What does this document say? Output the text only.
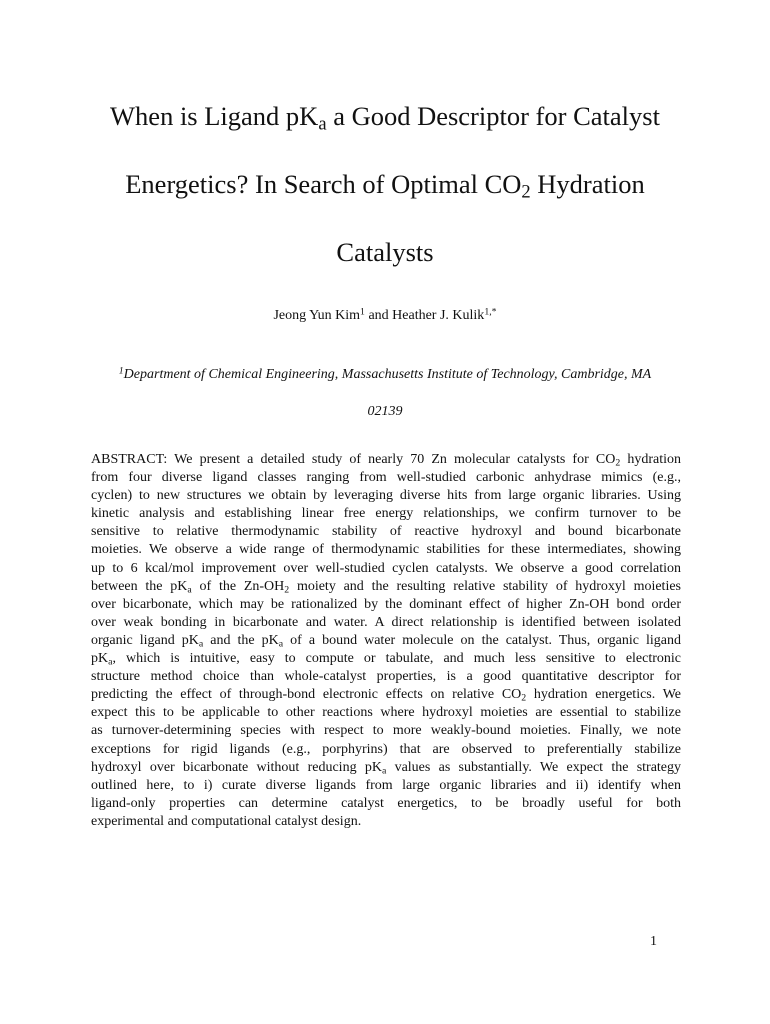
When is Ligand $pK_a$ a Good Descriptor for Catalyst
Energetics? In Search of Optimal $CO_2$ Hydration
Catalysts
Jeong Yun Kim$^1$ and Heather J. Kulik$^{1,*}$
$^1$Department of Chemical Engineering, Massachusetts Institute of Technology, Cambridge, MA
02139
ABSTRACT: We present a detailed study of nearly 70 Zn molecular catalysts for $CO_2$ hydration
from four diverse ligand classes ranging from well-studied carbonic anhydrase mimics (e.g.,
cyclen) to new structures we obtain by leveraging diverse hits from large organic libraries. Using
kinetic analysis and establishing linear free energy relationships, we confirm turnover to be
sensitive to relative thermodynamic stability of reactive hydroxyl and bound bicarbonate
moieties. We observe a wide range of thermodynamic stabilities for these intermediates, showing
up to 6 kcal/mol improvement over well-studied cyclen catalysts. We observe a good correlation
between the $pK_a$ of the $Zn-OH_2$ moiety and the resulting relative stability of hydroxyl moieties
over bicarbonate, which may be rationalized by the dominant effect of higher Zn-OH bond order
over weak bonding in bicarbonate and water. A direct relationship is identified between isolated
organic ligand $pK_a$ and the $pK_a$ of a bound water molecule on the catalyst. Thus, organic ligand
$pK_a$, which is intuitive, easy to compute or tabulate, and much less sensitive to electronic
structure method choice than whole-catalyst properties, is a good quantitative descriptor for
predicting the effect of through-bond electronic effects on relative $CO_2$ hydration energetics. We
expect this to be applicable to other reactions where hydroxyl moieties are essential to stabilize
as turnover-determining species with respect to more weakly-bound moieties. Finally, we note
exceptions for rigid ligands (e.g., porphyrins) that are observed to preferentially stabilize
hydroxyl over bicarbonate without reducing $pK_a$ values as substantially. We expect the strategy
outlined here, to i) curate diverse ligands from large organic libraries and ii) identify when
ligand-only properties can determine catalyst energetics, to be broadly useful for both
experimental and computational catalyst design.
1
